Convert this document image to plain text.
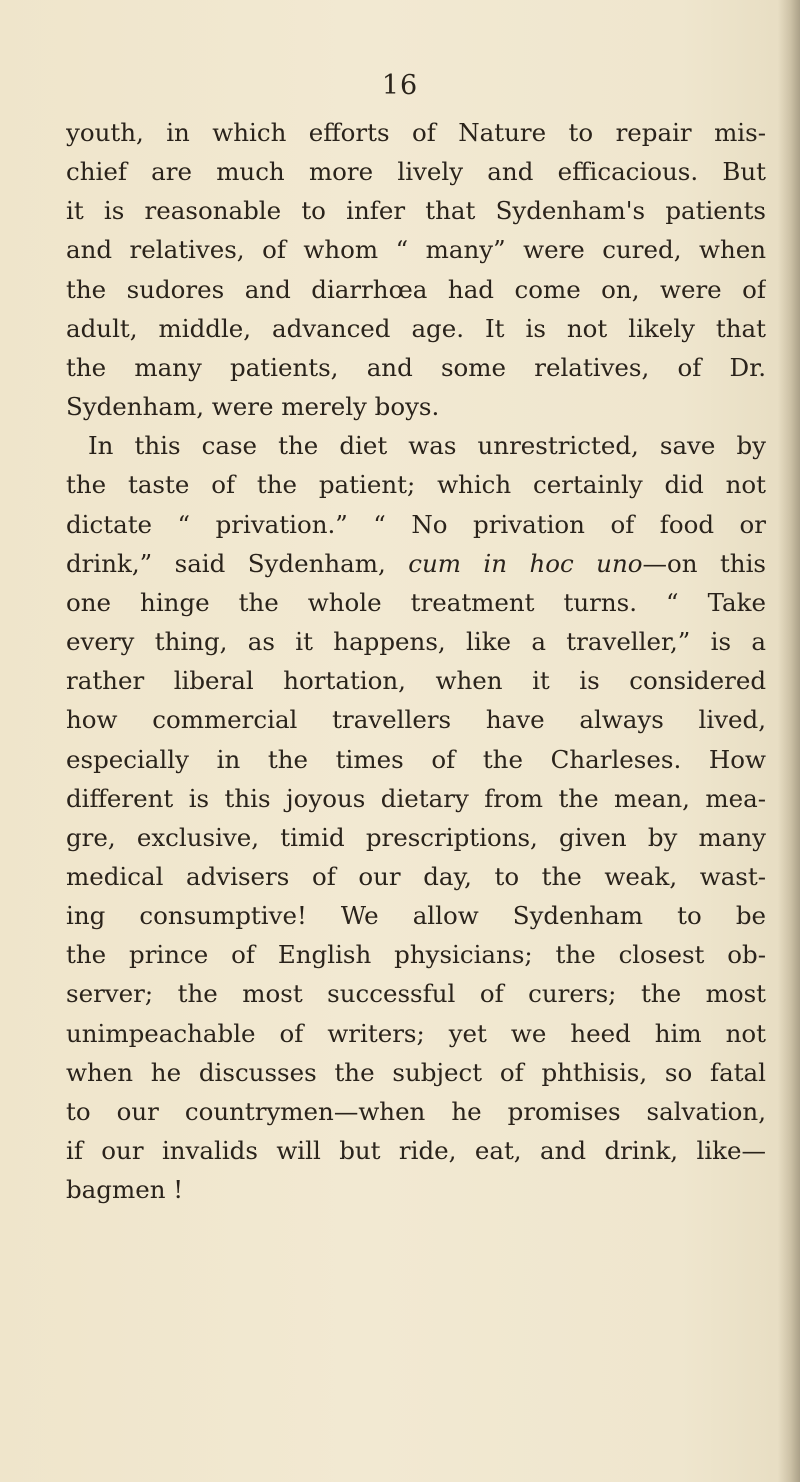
16
youth, in which efforts of Nature to repair mis-
chief are much more lively and efficacious. But
it is reasonable to infer that Sydenham's patients
and relatives, of whom “ many” were cured, when
the sudores and diarrhœa had come on, were of
adult, middle, advanced age. It is not likely that
the many patients, and some relatives, of Dr.
Sydenham, were merely boys.
In this case the diet was unrestricted, save by
the taste of the patient; which certainly did not
dictate “ privation.” “ No privation of food or
drink,” said Sydenham, cum in hoc uno—on this
one hinge the whole treatment turns. “ Take
every thing, as it happens, like a traveller,” is a
rather liberal hortation, when it is considered
how commercial travellers have always lived,
especially in the times of the Charleses. How
different is this joyous dietary from the mean, mea-
gre, exclusive, timid prescriptions, given by many
medical advisers of our day, to the weak, wast-
ing consumptive! We allow Sydenham to be
the prince of English physicians; the closest ob-
server; the most successful of curers; the most
unimpeachable of writers; yet we heed him not
when he discusses the subject of phthisis, so fatal
to our countrymen—when he promises salvation,
if our invalids will but ride, eat, and drink, like—
bagmen !
